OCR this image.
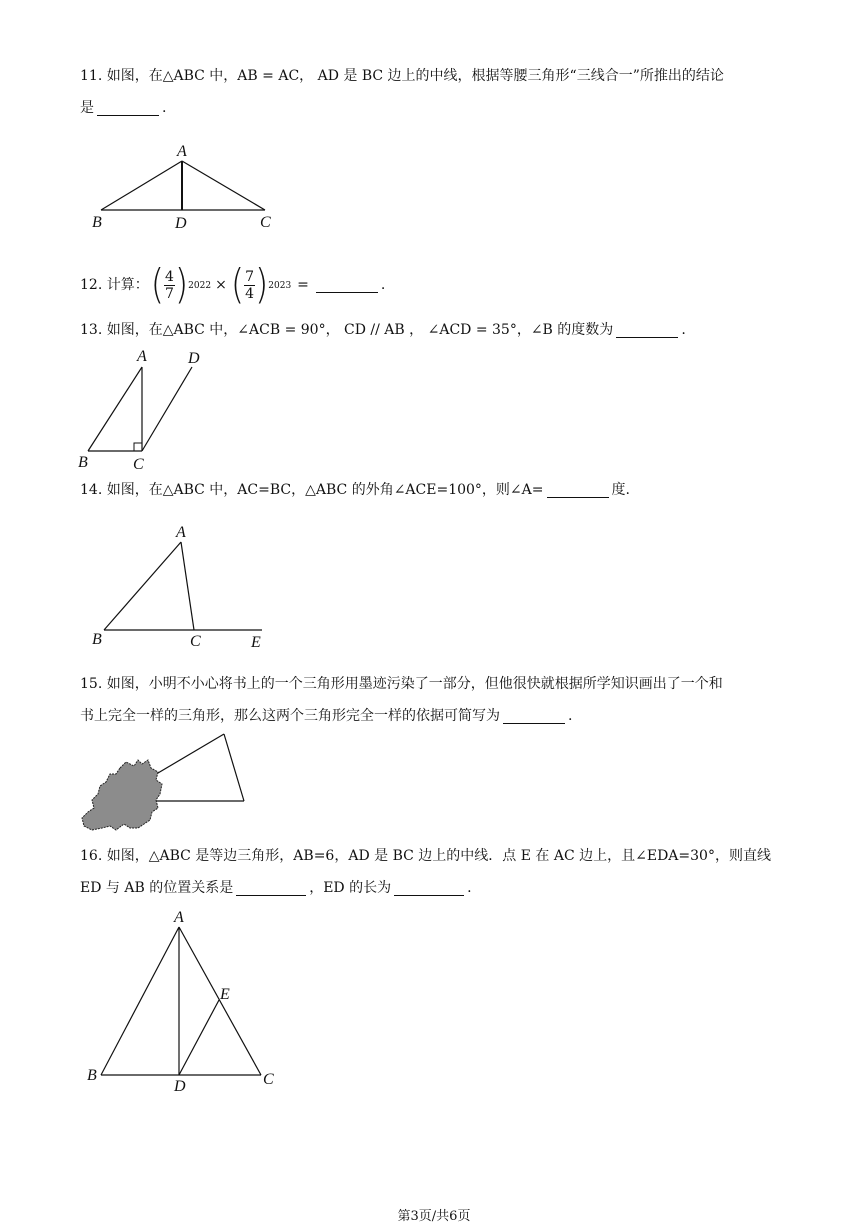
11. 如图，在△ABC 中，AB = AC， AD 是 BC 边上的中线，根据等腰三角形“三线合一”所推出的结论
是	.
A
B	D	C
12. 计算： ( 4
7 ) 2022 × ( 7
4 ) 2023 =	.
13. 如图，在△ABC 中，∠ACB = 90°， CD // AB ， ∠ACD = 35°，∠B 的度数为	.
A	D
B	C
14. 如图，在△ABC 中，AC=BC，△ABC 的外角∠ACE=100°，则∠A=	度.
A
B	C	E
15. 如图，小明不小心将书上的一个三角形用墨迹污染了一部分，但他很快就根据所学知识画出了一个和
书上完全一样的三角形，那么这两个三角形完全一样的依据可简写为	.
16. 如图，△ABC 是等边三角形，AB=6，AD 是 BC 边上的中线．点 E 在 AC 边上，且∠EDA=30°，则直线
ED 与 AB 的位置关系是	，ED 的长为	.
A
E
B
D	C
第3页/共6页
